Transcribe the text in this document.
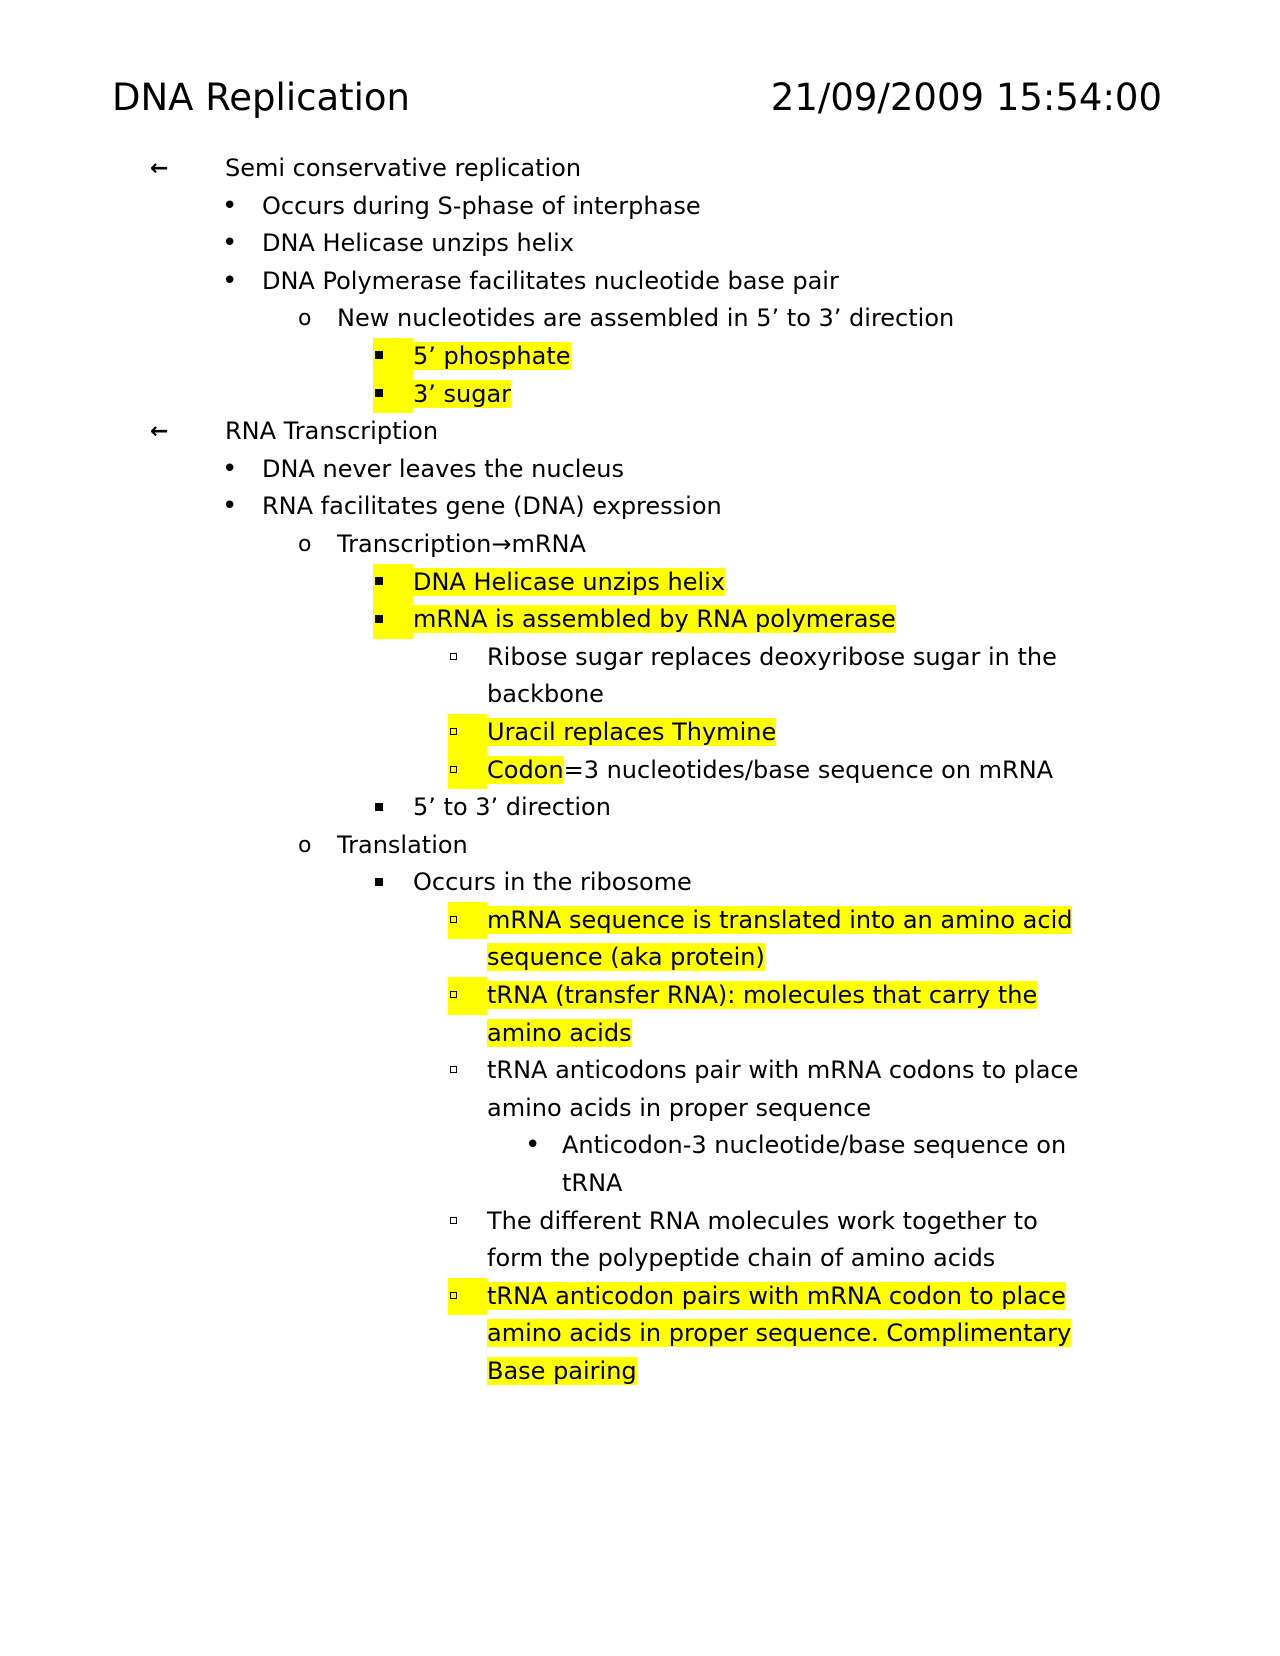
DNA Replication	21/09/2009 15:54:00
← Semi conservative replication
• Occurs during S-phase of interphase
• DNA Helicase unzips helix
• DNA Polymerase facilitates nucleotide base pair
o New nucleotides are assembled in 5’ to 3’ direction
5’ phosphate
3’ sugar
← RNA Transcription
• DNA never leaves the nucleus
• RNA facilitates gene (DNA) expression
o Transcription→mRNA
DNA Helicase unzips helix
mRNA is assembled by RNA polymerase
Ribose sugar replaces deoxyribose sugar in the
backbone
Uracil replaces Thymine
Codon=3 nucleotides/base sequence on mRNA
5’ to 3’ direction
o Translation
Occurs in the ribosome
mRNA sequence is translated into an amino acid
sequence (aka protein)
tRNA (transfer RNA): molecules that carry the
amino acids
tRNA anticodons pair with mRNA codons to place
amino acids in proper sequence
• Anticodon-3 nucleotide/base sequence on
tRNA
The different RNA molecules work together to
form the polypeptide chain of amino acids
tRNA anticodon pairs with mRNA codon to place
amino acids in proper sequence. Complimentary
Base pairing
